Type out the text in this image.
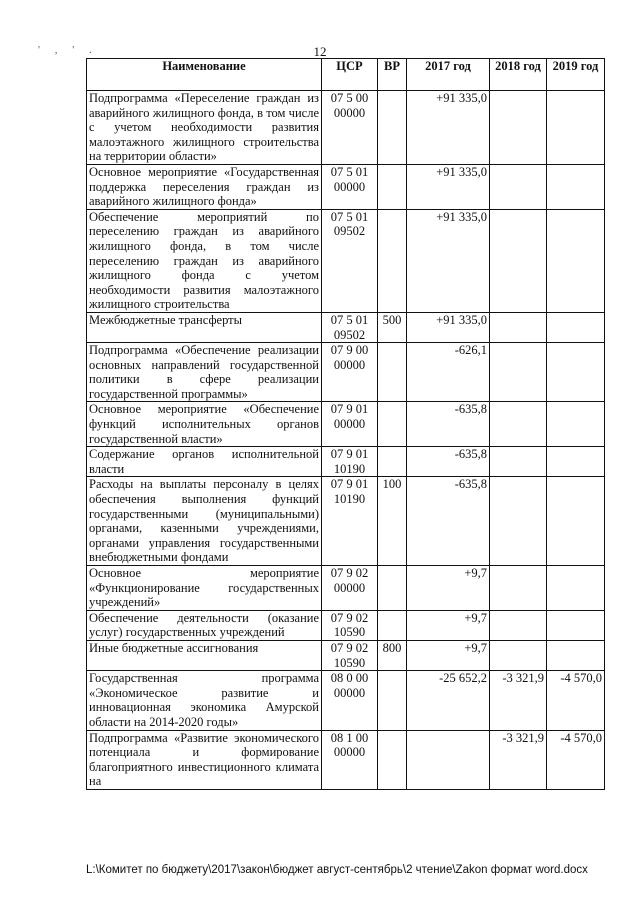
12
' , ' .
Наименование	ЦСР	ВР	2017 год	2018 год	2019 год
Подпрограмма «Переселение граждан из аварийного жилищного фонда, в том числе с учетом необходимости развития малоэтажного жилищного строительства на территории области»	07 5 00 00000		+91 335,0		
Основное мероприятие «Государственная поддержка переселения граждан из аварийного жилищного фонда»	07 5 01 00000		+91 335,0		
Обеспечение мероприятий по переселению граждан из аварийного жилищного фонда, в том числе переселению граждан из аварийного жилищного фонда с учетом необходимости развития малоэтажного жилищного строительства	07 5 01 09502		+91 335,0		
Межбюджетные трансферты	07 5 01 09502	500	+91 335,0		
Подпрограмма «Обеспечение реализации основных направлений государственной политики в сфере реализации государственной программы»	07 9 00 00000		-626,1		
Основное мероприятие «Обеспечение функций исполнительных органов государственной власти»	07 9 01 00000		-635,8		
Содержание органов исполнительной власти	07 9 01 10190		-635,8		
Расходы на выплаты персоналу в целях обеспечения выполнения функций государственными (муниципальными) органами, казенными учреждениями, органами управления государственными внебюджетными фондами	07 9 01 10190	100	-635,8		
Основное мероприятие «Функционирование государственных учреждений»	07 9 02 00000		+9,7		
Обеспечение деятельности (оказание услуг) государственных учреждений	07 9 02 10590		+9,7		
Иные бюджетные ассигнования	07 9 02 10590	800	+9,7		
Государственная программа «Экономическое развитие и инновационная экономика Амурской области на 2014-2020 годы»	08 0 00 00000		-25 652,2	-3 321,9	-4 570,0
Подпрограмма «Развитие экономического потенциала и формирование благоприятного инвестиционного климата на	08 1 00 00000			-3 321,9	-4 570,0
L:\Комитет по бюджету\2017\закон\бюджет август-сентябрь\2 чтение\Zakon формат word.docx
